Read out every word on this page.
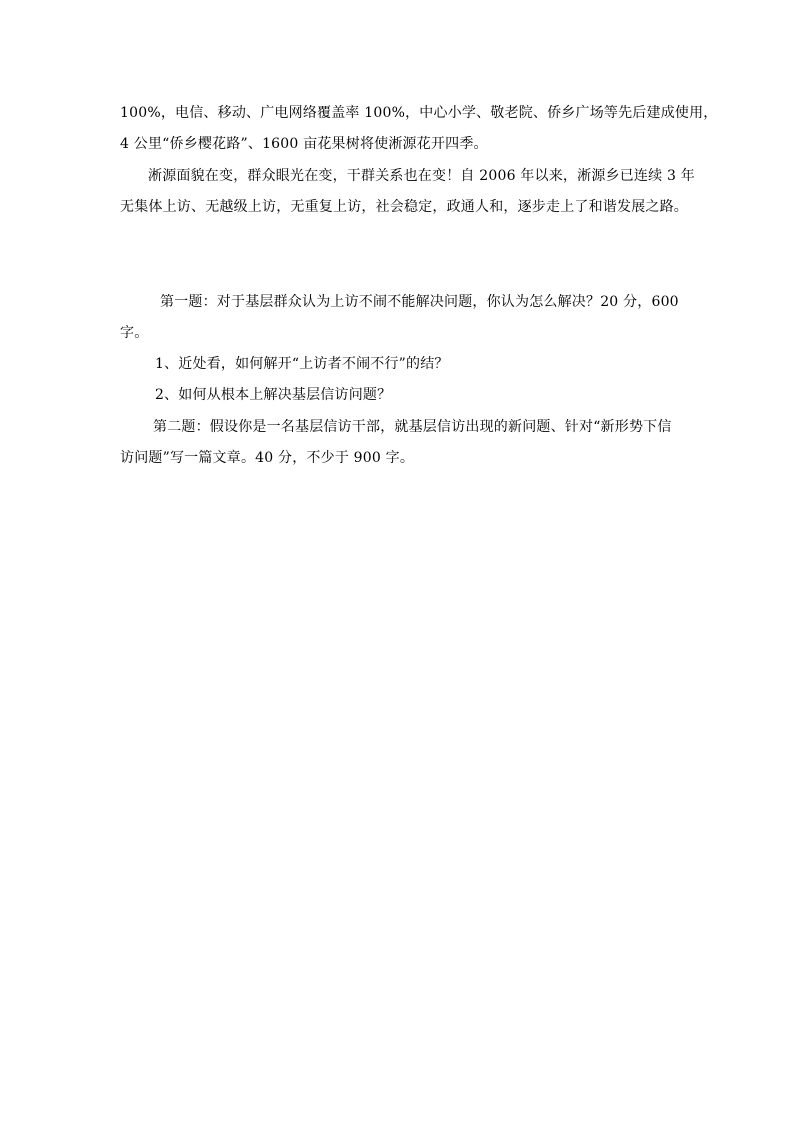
100%，电信、移动、广电网络覆盖率 100%，中心小学、敬老院、侨乡广场等先后建成使用，
4 公里“侨乡樱花路”、1600 亩花果树将使淅源花开四季。
淅源面貌在变，群众眼光在变，干群关系也在变！自 2006 年以来，淅源乡已连续 3 年
无集体上访、无越级上访，无重复上访，社会稳定，政通人和，逐步走上了和谐发展之路。
第一题：对于基层群众认为上访不闹不能解决问题，你认为怎么解决？20 分，600
字。
1、近处看，如何解开“上访者不闹不行”的结？
2、如何从根本上解决基层信访问题？
第二题：假设你是一名基层信访干部，就基层信访出现的新问题、针对“新形势下信
访问题”写一篇文章。40 分，不少于 900 字。
